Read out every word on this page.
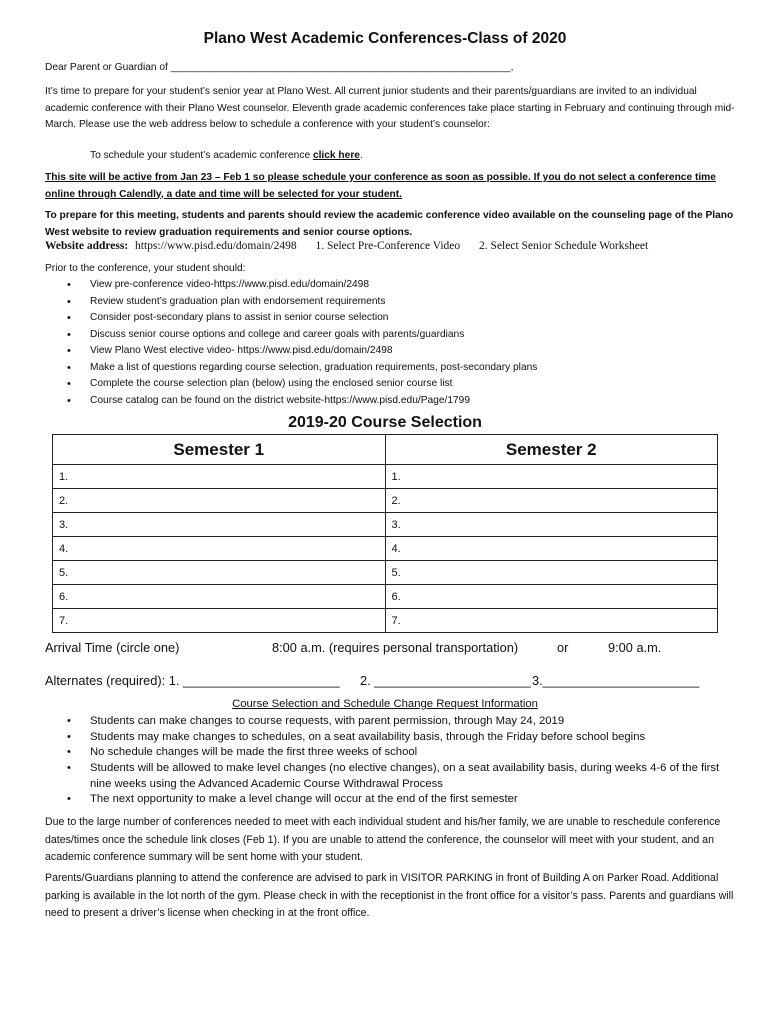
Plano West Academic Conferences-Class of 2020
Dear Parent or Guardian of ____________________________________________________________,
It’s time to prepare for your student’s senior year at Plano West. All current junior students and their parents/guardians are invited to an individual academic conference with their Plano West counselor. Eleventh grade academic conferences take place starting in February and continuing through mid- March. Please use the web address below to schedule a conference with your student’s counselor:
To schedule your student’s academic conference click here.
This site will be active from Jan 23 – Feb 1 so please schedule your conference as soon as possible. If you do not select a conference time online through Calendly, a date and time will be selected for your student.
To prepare for this meeting, students and parents should review the academic conference video available on the counseling page of the Plano West website to review graduation requirements and senior course options.
Website address: https://www.pisd.edu/domain/2498 1. Select Pre-Conference Video 2. Select Senior Schedule Worksheet
Prior to the conference, your student should:
• View pre-conference video-https://www.pisd.edu/domain/2498
• Review student’s graduation plan with endorsement requirements
• Consider post-secondary plans to assist in senior course selection
• Discuss senior course options and college and career goals with parents/guardians
• View Plano West elective video- https://www.pisd.edu/domain/2498
• Make a list of questions regarding course selection, graduation requirements, post-secondary plans
• Complete the course selection plan (below) using the enclosed senior course list
• Course catalog can be found on the district website-https://www.pisd.edu/Page/1799
2019-20 Course Selection
Semester 1	Semester 2
1.	1.
2.	2.
3.	3.
4.	4.
5.	5.
6.	6.
7.	7.
Arrival Time (circle one)	8:00 a.m. (requires personal transportation)	or	9:00 a.m.
Alternates (required): 1. ______________________ 2. ______________________ 3.______________________
Course Selection and Schedule Change Request Information
• Students can make changes to course requests, with parent permission, through May 24, 2019
• Students may make changes to schedules, on a seat availability basis, through the Friday before school begins
• No schedule changes will be made the first three weeks of school
• Students will be allowed to make level changes (no elective changes), on a seat availability basis, during weeks 4-6 of the first nine weeks using the Advanced Academic Course Withdrawal Process
• The next opportunity to make a level change will occur at the end of the first semester
Due to the large number of conferences needed to meet with each individual student and his/her family, we are unable to reschedule conference dates/times once the schedule link closes (Feb 1). If you are unable to attend the conference, the counselor will meet with your student, and an academic conference summary will be sent home with your student.
Parents/Guardians planning to attend the conference are advised to park in VISITOR PARKING in front of Building A on Parker Road. Additional parking is available in the lot north of the gym. Please check in with the receptionist in the front office for a visitor’s pass. Parents and guardians will need to present a driver’s license when checking in at the front office.
